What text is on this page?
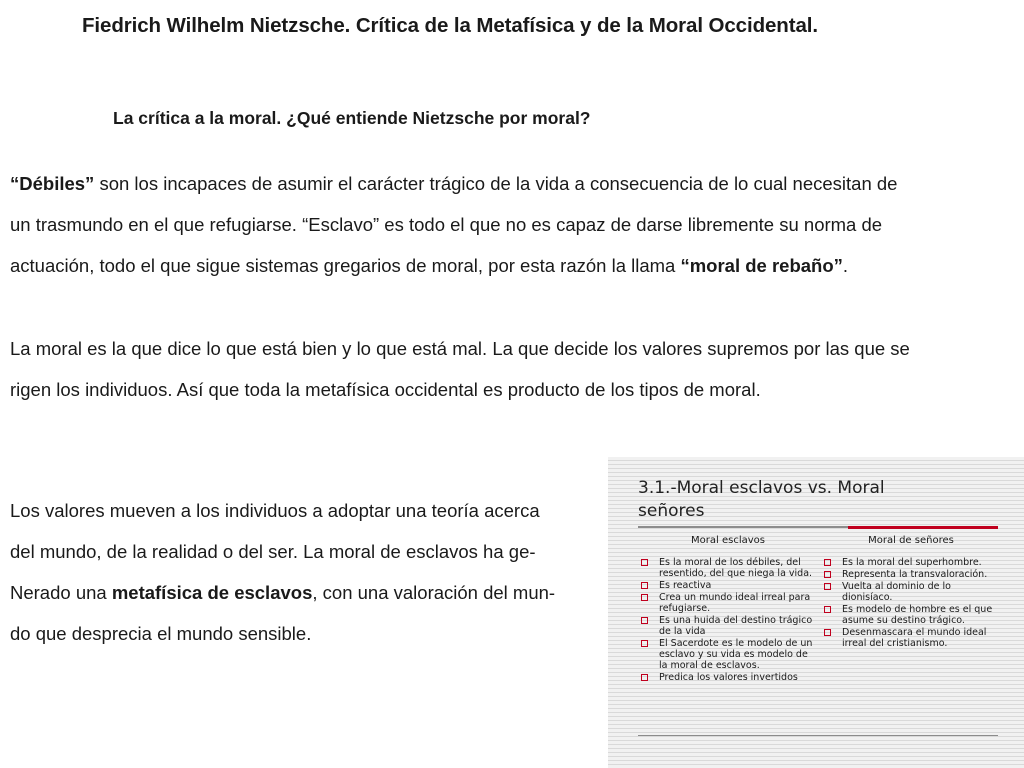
Fiedrich Wilhelm Nietzsche. Crítica de la Metafísica y de la Moral Occidental.
La crítica a la moral. ¿Qué entiende Nietzsche por moral?

“Débiles” son los incapaces de asumir el carácter trágico de la vida a consecuencia de lo cual necesitan de
un trasmundo en el que refugiarse. “Esclavo” es todo el que no es capaz de darse libremente su norma de
actuación, todo el que sigue sistemas gregarios de moral, por esta razón la llama “moral de rebaño”.

La moral es la que dice lo que está bien y lo que está mal. La que decide los valores supremos por las que se
rigen los individuos. Así que toda la metafísica occidental es producto de los tipos de moral.

Los valores mueven a los individuos a adoptar una teoría acerca
del mundo, de la realidad o del ser. La moral de esclavos ha ge-
Nerado una metafísica de esclavos, con una valoración del mun-
do que desprecia el mundo sensible.

3.1.-Moral esclavos vs. Moral
señores
Moral esclavos
Es la moral de los débiles, del resentido, del que niega la vida.
Es reactiva
Crea un mundo ideal irreal para refugiarse.
Es una huida del destino trágico de la vida
El Sacerdote es le modelo de un esclavo y su vida es modelo de la moral de esclavos.
Predica los valores invertidos
Moral de señores
Es la moral del superhombre.
Representa la transvaloración.
Vuelta al dominio de lo dionisíaco.
Es modelo de hombre es el que asume su destino trágico.
Desenmascara el mundo ideal irreal del cristianismo.
